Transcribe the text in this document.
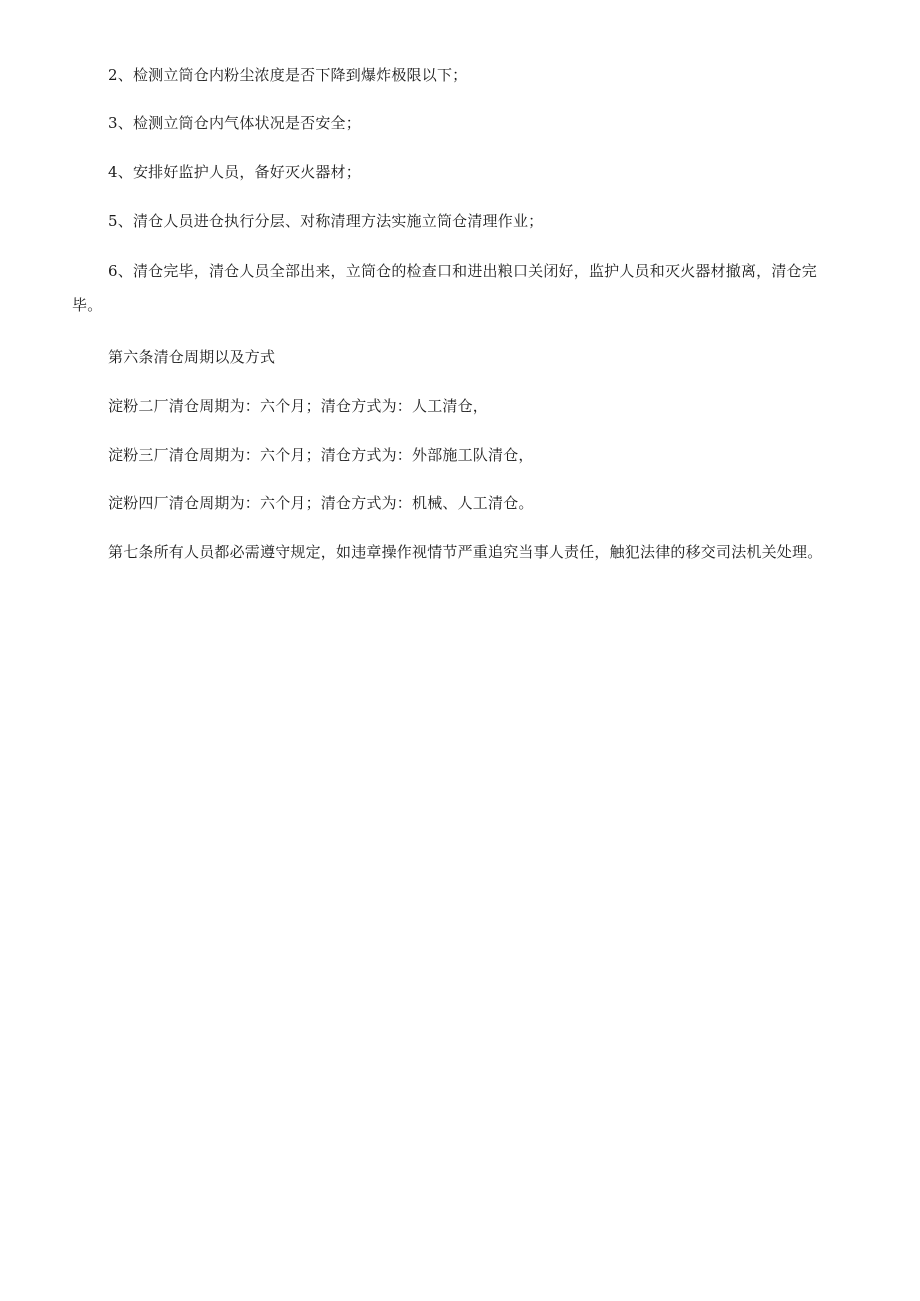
2、检测立筒仓内粉尘浓度是否下降到爆炸极限以下；

3、检测立筒仓内气体状况是否安全；

4、安排好监护人员，备好灭火器材；

5、清仓人员进仓执行分层、对称清理方法实施立筒仓清理作业；

6、清仓完毕，清仓人员全部出来，立筒仓的检查口和进出粮口关闭好，监护人员和灭火器材撤离，清仓完毕。

第六条清仓周期以及方式

淀粉二厂清仓周期为：六个月；清仓方式为：人工清仓，

淀粉三厂清仓周期为：六个月；清仓方式为：外部施工队清仓，

淀粉四厂清仓周期为：六个月；清仓方式为：机械、人工清仓。

第七条所有人员都必需遵守规定，如违章操作视情节严重追究当事人责任，触犯法律的移交司法机关处理。
